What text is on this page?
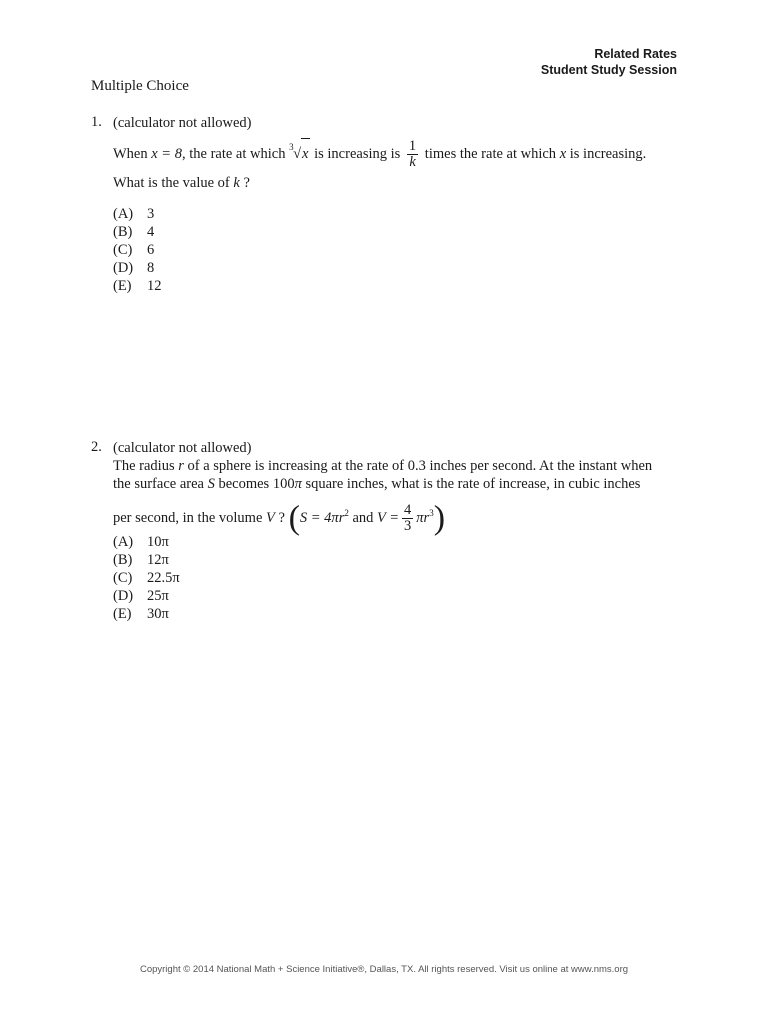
Related Rates
Student Study Session
Multiple Choice
1. (calculator not allowed)
When x = 8, the rate at which 3 √x is increasing is $\frac{1}{k}$ times the rate at which x is increasing.
What is the value of k ?
(A) 3
(B) 4
(C) 6
(D) 8
(E) 12
2. (calculator not allowed)
The radius r of a sphere is increasing at the rate of 0.3 inches per second. At the instant when
the surface area S becomes 100π square inches, what is the rate of increase, in cubic inches
per second, in the volume V ? ($S = 4\pi r^2$ and $V = \frac{4}{3} \pi r^3$)
(A) 10π
(B) 12π
(C) 22.5π
(D) 25π
(E) 30π
Copyright © 2014 National Math + Science Initiative®, Dallas, TX. All rights reserved. Visit us online at www.nms.org
